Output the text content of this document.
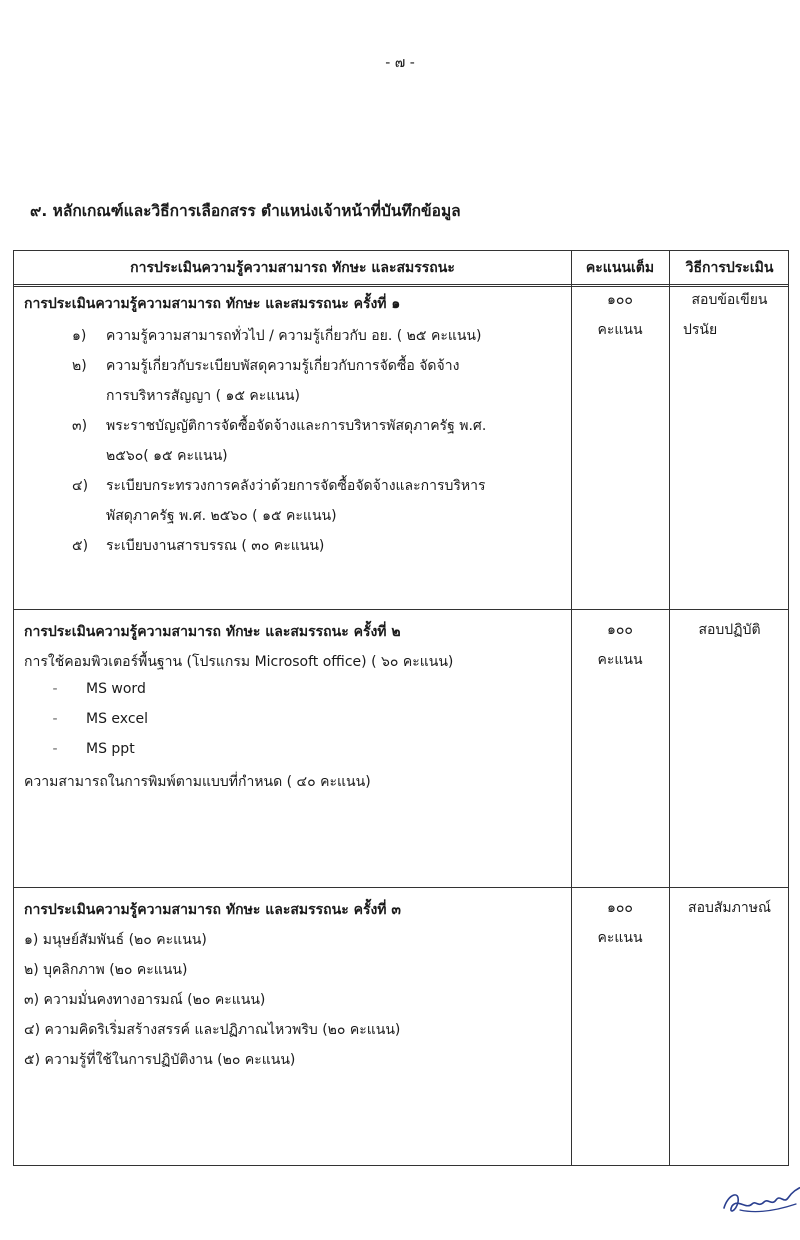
- ๗ -
๙. หลักเกณฑ์และวิธีการเลือกสรร ตำแหน่งเจ้าหน้าที่บันทึกข้อมูล
การประเมินความรู้ความสามารถ ทักษะ และสมรรถนะ	คะแนนเต็ม	วิธีการประเมิน
การประเมินความรู้ความสามารถ ทักษะ และสมรรถนะ ครั้งที่ ๑
๑) ความรู้ความสามารถทั่วไป / ความรู้เกี่ยวกับ อย. ( ๒๕ คะแนน)
๒) ความรู้เกี่ยวกับระเบียบพัสดุความรู้เกี่ยวกับการจัดซื้อ จัดจ้าง
การบริหารสัญญา ( ๑๕ คะแนน)
๓) พระราชบัญญัติการจัดซื้อจัดจ้างและการบริหารพัสดุภาครัฐ พ.ศ.
๒๕๖๐( ๑๕ คะแนน)
๔) ระเบียบกระทรวงการคลังว่าด้วยการจัดซื้อจัดจ้างและการบริหาร
พัสดุภาครัฐ พ.ศ. ๒๕๖๐ ( ๑๕ คะแนน)
๕) ระเบียบงานสารบรรณ ( ๓๐ คะแนน)
๑๐๐
คะแนน
สอบข้อเขียน
ปรนัย
การประเมินความรู้ความสามารถ ทักษะ และสมรรถนะ ครั้งที่ ๒
การใช้คอมพิวเตอร์พื้นฐาน (โปรแกรม Microsoft office) ( ๖๐ คะแนน)
- MS word
- MS excel
- MS ppt
ความสามารถในการพิมพ์ตามแบบที่กำหนด ( ๔๐ คะแนน)
๑๐๐
คะแนน
สอบปฏิบัติ
การประเมินความรู้ความสามารถ ทักษะ และสมรรถนะ ครั้งที่ ๓
๑) มนุษย์สัมพันธ์ (๒๐ คะแนน)
๒) บุคลิกภาพ (๒๐ คะแนน)
๓) ความมั่นคงทางอารมณ์ (๒๐ คะแนน)
๔) ความคิดริเริ่มสร้างสรรค์ และปฏิภาณไหวพริบ (๒๐ คะแนน)
๕) ความรู้ที่ใช้ในการปฏิบัติงาน (๒๐ คะแนน)
๑๐๐
คะแนน
สอบสัมภาษณ์
